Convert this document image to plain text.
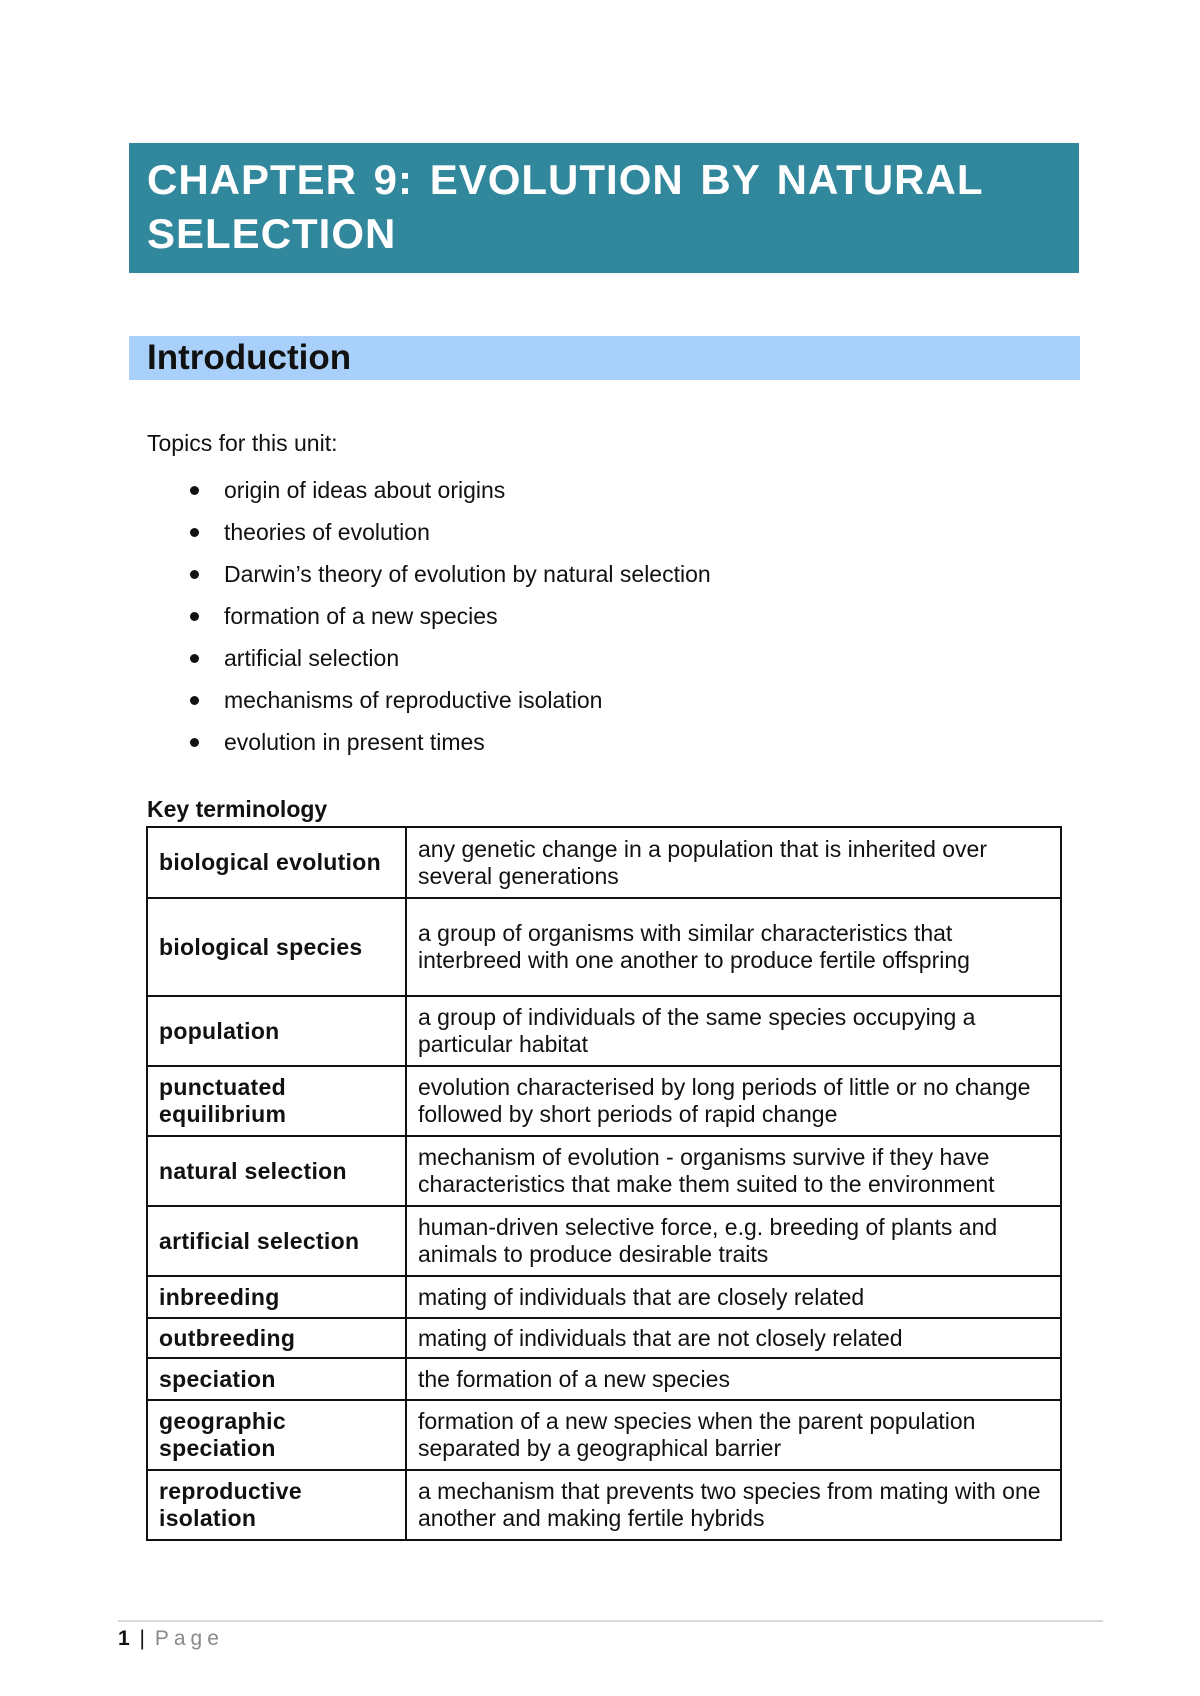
CHAPTER 9: EVOLUTION BY NATURAL SELECTION
Introduction

Topics for this unit:

origin of ideas about origins
theories of evolution
Darwin’s theory of evolution by natural selection
formation of a new species
artificial selection
mechanisms of reproductive isolation
evolution in present times
Key terminology
biological evolution	any genetic change in a population that is inherited over several generations
biological species	a group of organisms with similar characteristics that interbreed with one another to produce fertile offspring
population	a group of individuals of the same species occupying a particular habitat
punctuated equilibrium	evolution characterised by long periods of little or no change followed by short periods of rapid change
natural selection	mechanism of evolution - organisms survive if they have characteristics that make them suited to the environment
artificial selection	human-driven selective force, e.g. breeding of plants and animals to produce desirable traits
inbreeding	mating of individuals that are closely related
outbreeding	mating of individuals that are not closely related
speciation	the formation of a new species
geographic speciation	formation of a new species when the parent population separated by a geographical barrier
reproductive isolation	a mechanism that prevents two species from mating with one another and making fertile hybrids
1 | Page
